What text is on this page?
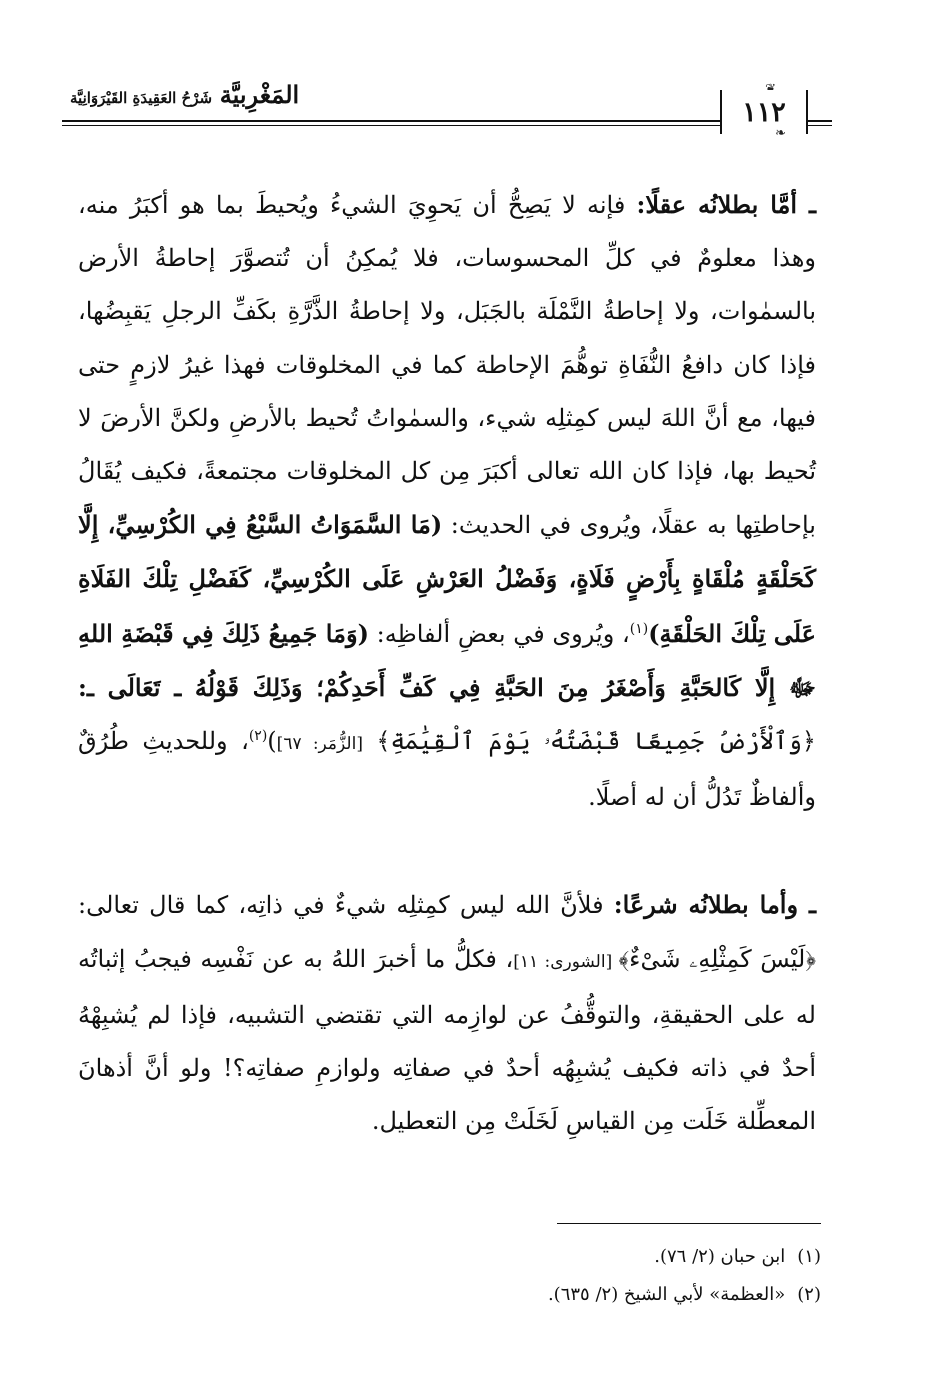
المَغْرِبيَّة شَرْحُ العَقِيدَةِ القَيْرَوَانِيَّة	١١٢
❧

ـ أمَّا بطلانُه عقلًا: فإنه لا يَصِحُّ أن يَحوِيَ الشيءُ ويُحيطَ بما هو أكبَرُ منه، وهذا معلومٌ في كلِّ المحسوسات، فلا يُمكِنُ أن تُتصوَّرَ إحاطةُ الأرض بالسمٰوات، ولا إحاطةُ النَّمْلَة بالجَبَل، ولا إحاطةُ الذَّرَّةِ بكَفِّ الرجلِ يَقبِضُها، فإذا كان دافعُ النُّفَاةِ توهُّمَ الإحاطة كما في المخلوقات فهذا غيرُ لازمٍ حتى فيها، مع أنَّ اللهَ ليس كمِثلِه شيء، والسمٰواتُ تُحيط بالأرضِ ولكنَّ الأرضَ لا تُحيط بها، فإذا كان الله تعالى أكبَرَ مِن كل المخلوقات مجتمعةً، فكيف يُقَالُ بإحاطتِها به عقلًا، ويُروى في الحديث: (مَا السَّمَوَاتُ السَّبْعُ فِي الكُرْسِيِّ، إِلَّا كَحَلْقَةٍ مُلْقَاةٍ بِأَرْضٍ فَلَاةٍ، وَفَضْلُ العَرْشِ عَلَى الكُرْسِيِّ، كَفَضْلِ تِلْكَ الفَلَاةِ عَلَى تِلْكَ الحَلْقَةِ)$^{(١)}$، ويُروى في بعضِ ألفاظِه: (وَمَا جَمِيعُ ذَلِكَ فِي قَبْضَةِ اللهِ ﷻ إِلَّا كَالحَبَّةِ وَأَصْغَرُ مِنَ الحَبَّةِ فِي كَفِّ أَحَدِكُمْ؛ وَذَلِكَ قَوْلُهُ ـ تَعَالَى ـ: ﴿وَٱلْأَرْضُ جَمِيعًا قَبْضَتُهُۥ يَوْمَ ٱلْقِيَٰمَةِ﴾ [الزُّمَر: ٦٧])$^{(٢)}$، وللحديثِ طُرُقٌ وألفاظٌ تَدُلُّ أن له أصلًا.

ـ وأما بطلانُه شرعًا: فلأنَّ الله ليس كمِثلِه شيءٌ في ذاتِه، كما قال تعالى: ﴿لَيْسَ كَمِثْلِهِۦ شَىْءٌ﴾ [الشورى: ١١]، فكلُّ ما أخبرَ اللهُ به عن نَفْسِه فيجبُ إثباتُه له على الحقيقةِ، والتوقُّفُ عن لوازِمه التي تقتضي التشبيه، فإذا لم يُشبِهْهُ أحدٌ في ذاته فكيف يُشبِهُه أحدٌ في صفاتِه ولوازمِ صفاتِه؟! ولو أنَّ أذهانَ المعطِّلة خَلَت مِن القياسِ لَخَلَتْ مِن التعطيل.

(١)ابن حبان (٢/ ٧٦).

(٢)«العظمة» لأبي الشيخ (٢/ ٦٣٥).
